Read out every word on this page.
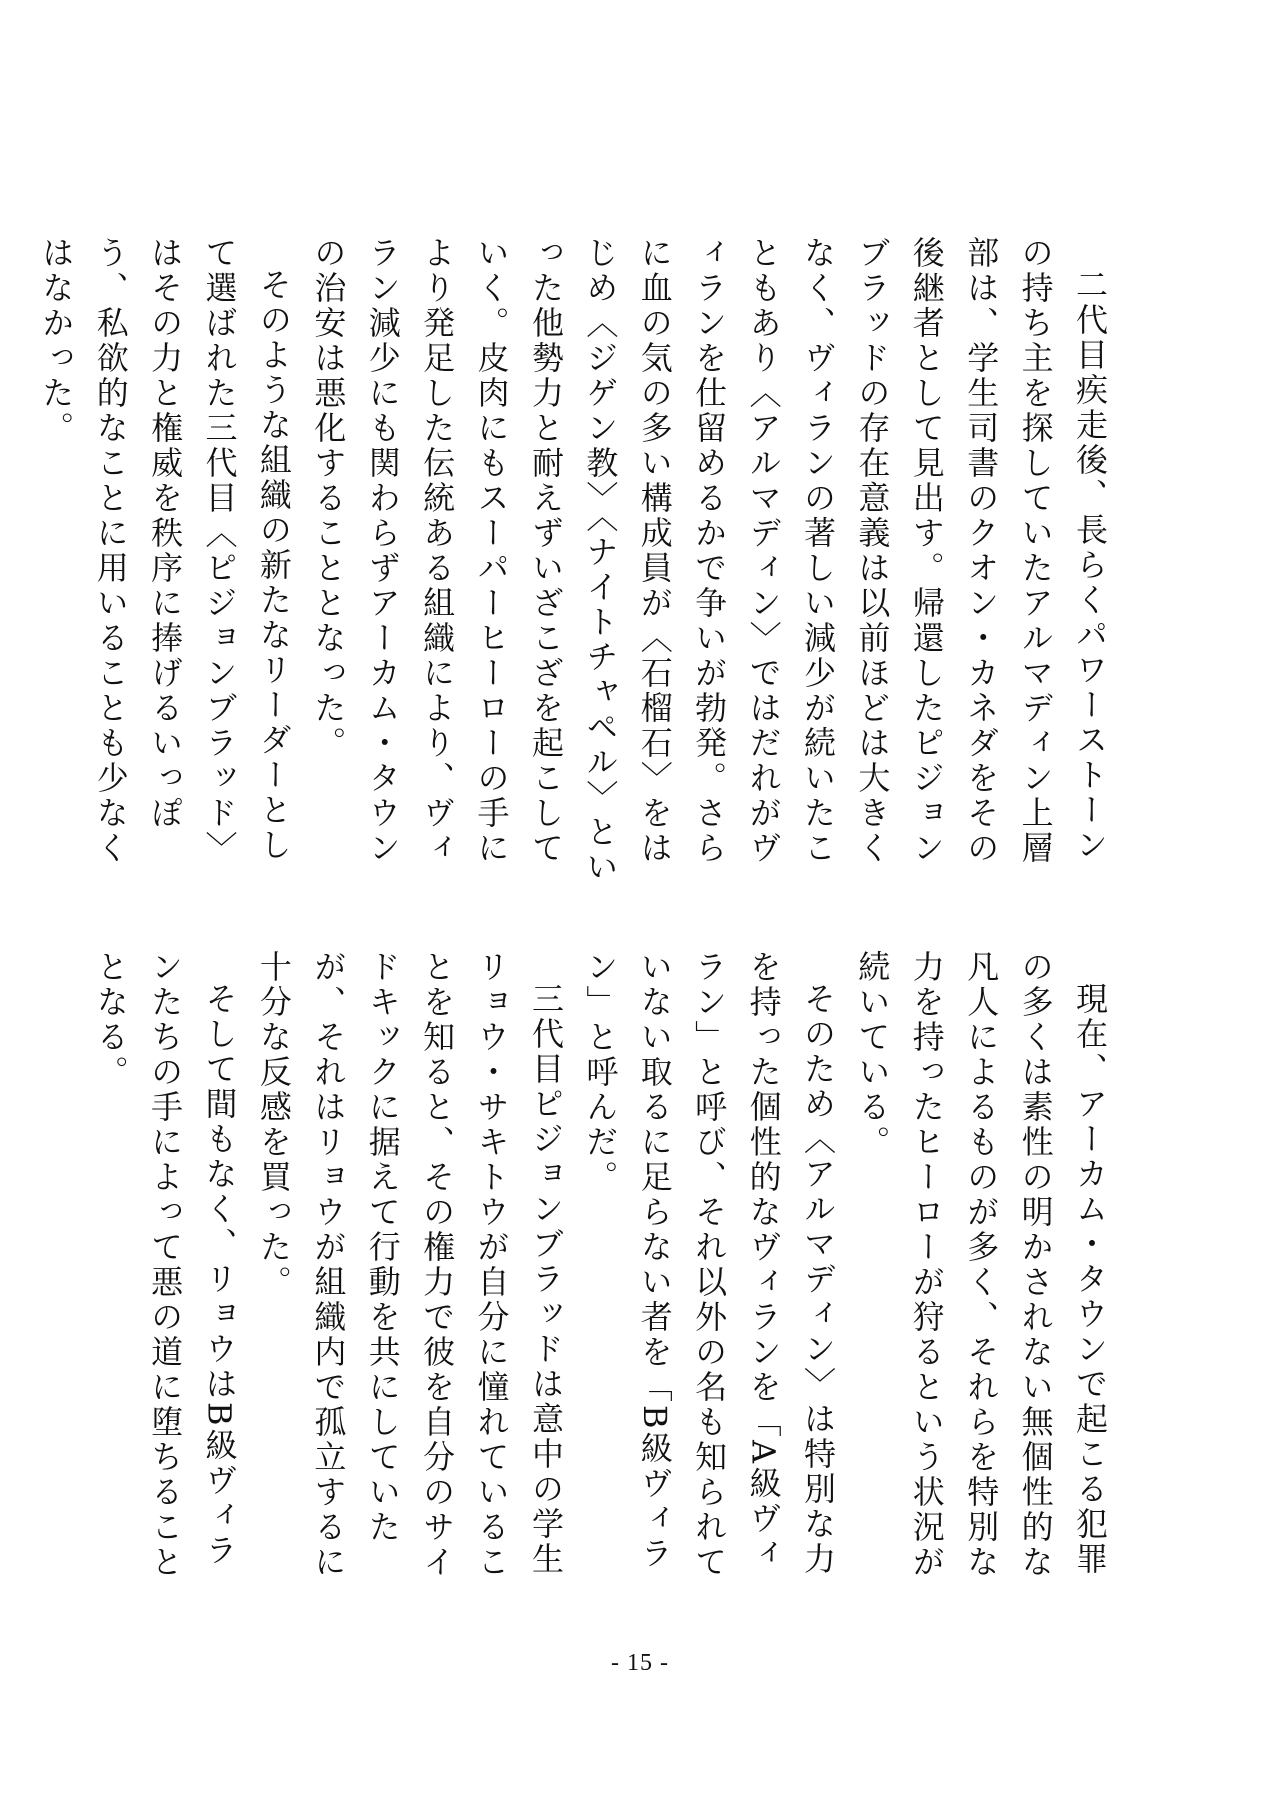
二代目疾走後、長らくパワーストーンの持ち主を探していたアルマディン上層部は、学生司書のクオン・カネダをその後継者として見出す。帰還したピジョンブラッドの存在意義は以前ほどは大きくなく、ヴィランの著しい減少が続いたこともあり〈アルマディン〉ではだれがヴィランを仕留めるかで争いが勃発。さらに血の気の多い構成員が〈石榴石〉をはじめ〈ジゲン教〉〈ナイトチャペル〉といった他勢力と耐えずいざこざを起こしていく。皮肉にもスーパーヒーローの手により発足した伝統ある組織により、ヴィラン減少にも関わらずアーカム・タウンの治安は悪化することとなった。

そのような組織の新たなリーダーとして選ばれた三代目〈ピジョンブラッド〉はその力と権威を秩序に捧げるいっぽう、私欲的なことに用いることも少なくはなかった。

現在、アーカム・タウンで起こる犯罪の多くは素性の明かされない無個性的な凡人によるものが多く、それらを特別な力を持ったヒーローが狩るという状況が続いている。

そのため〈アルマディン〉は特別な力を持った個性的なヴィランを「A級ヴィラン」と呼び、それ以外の名も知られていない取るに足らない者を「B級ヴィラン」と呼んだ。

三代目ピジョンブラッドは意中の学生リョウ・サキトウが自分に憧れていることを知ると、その権力で彼を自分のサイドキックに据えて行動を共にしていたが、それはリョウが組織内で孤立するに十分な反感を買った。

そして間もなく、リョウはB級ヴィランたちの手によって悪の道に堕ちることとなる。

- 15 -
